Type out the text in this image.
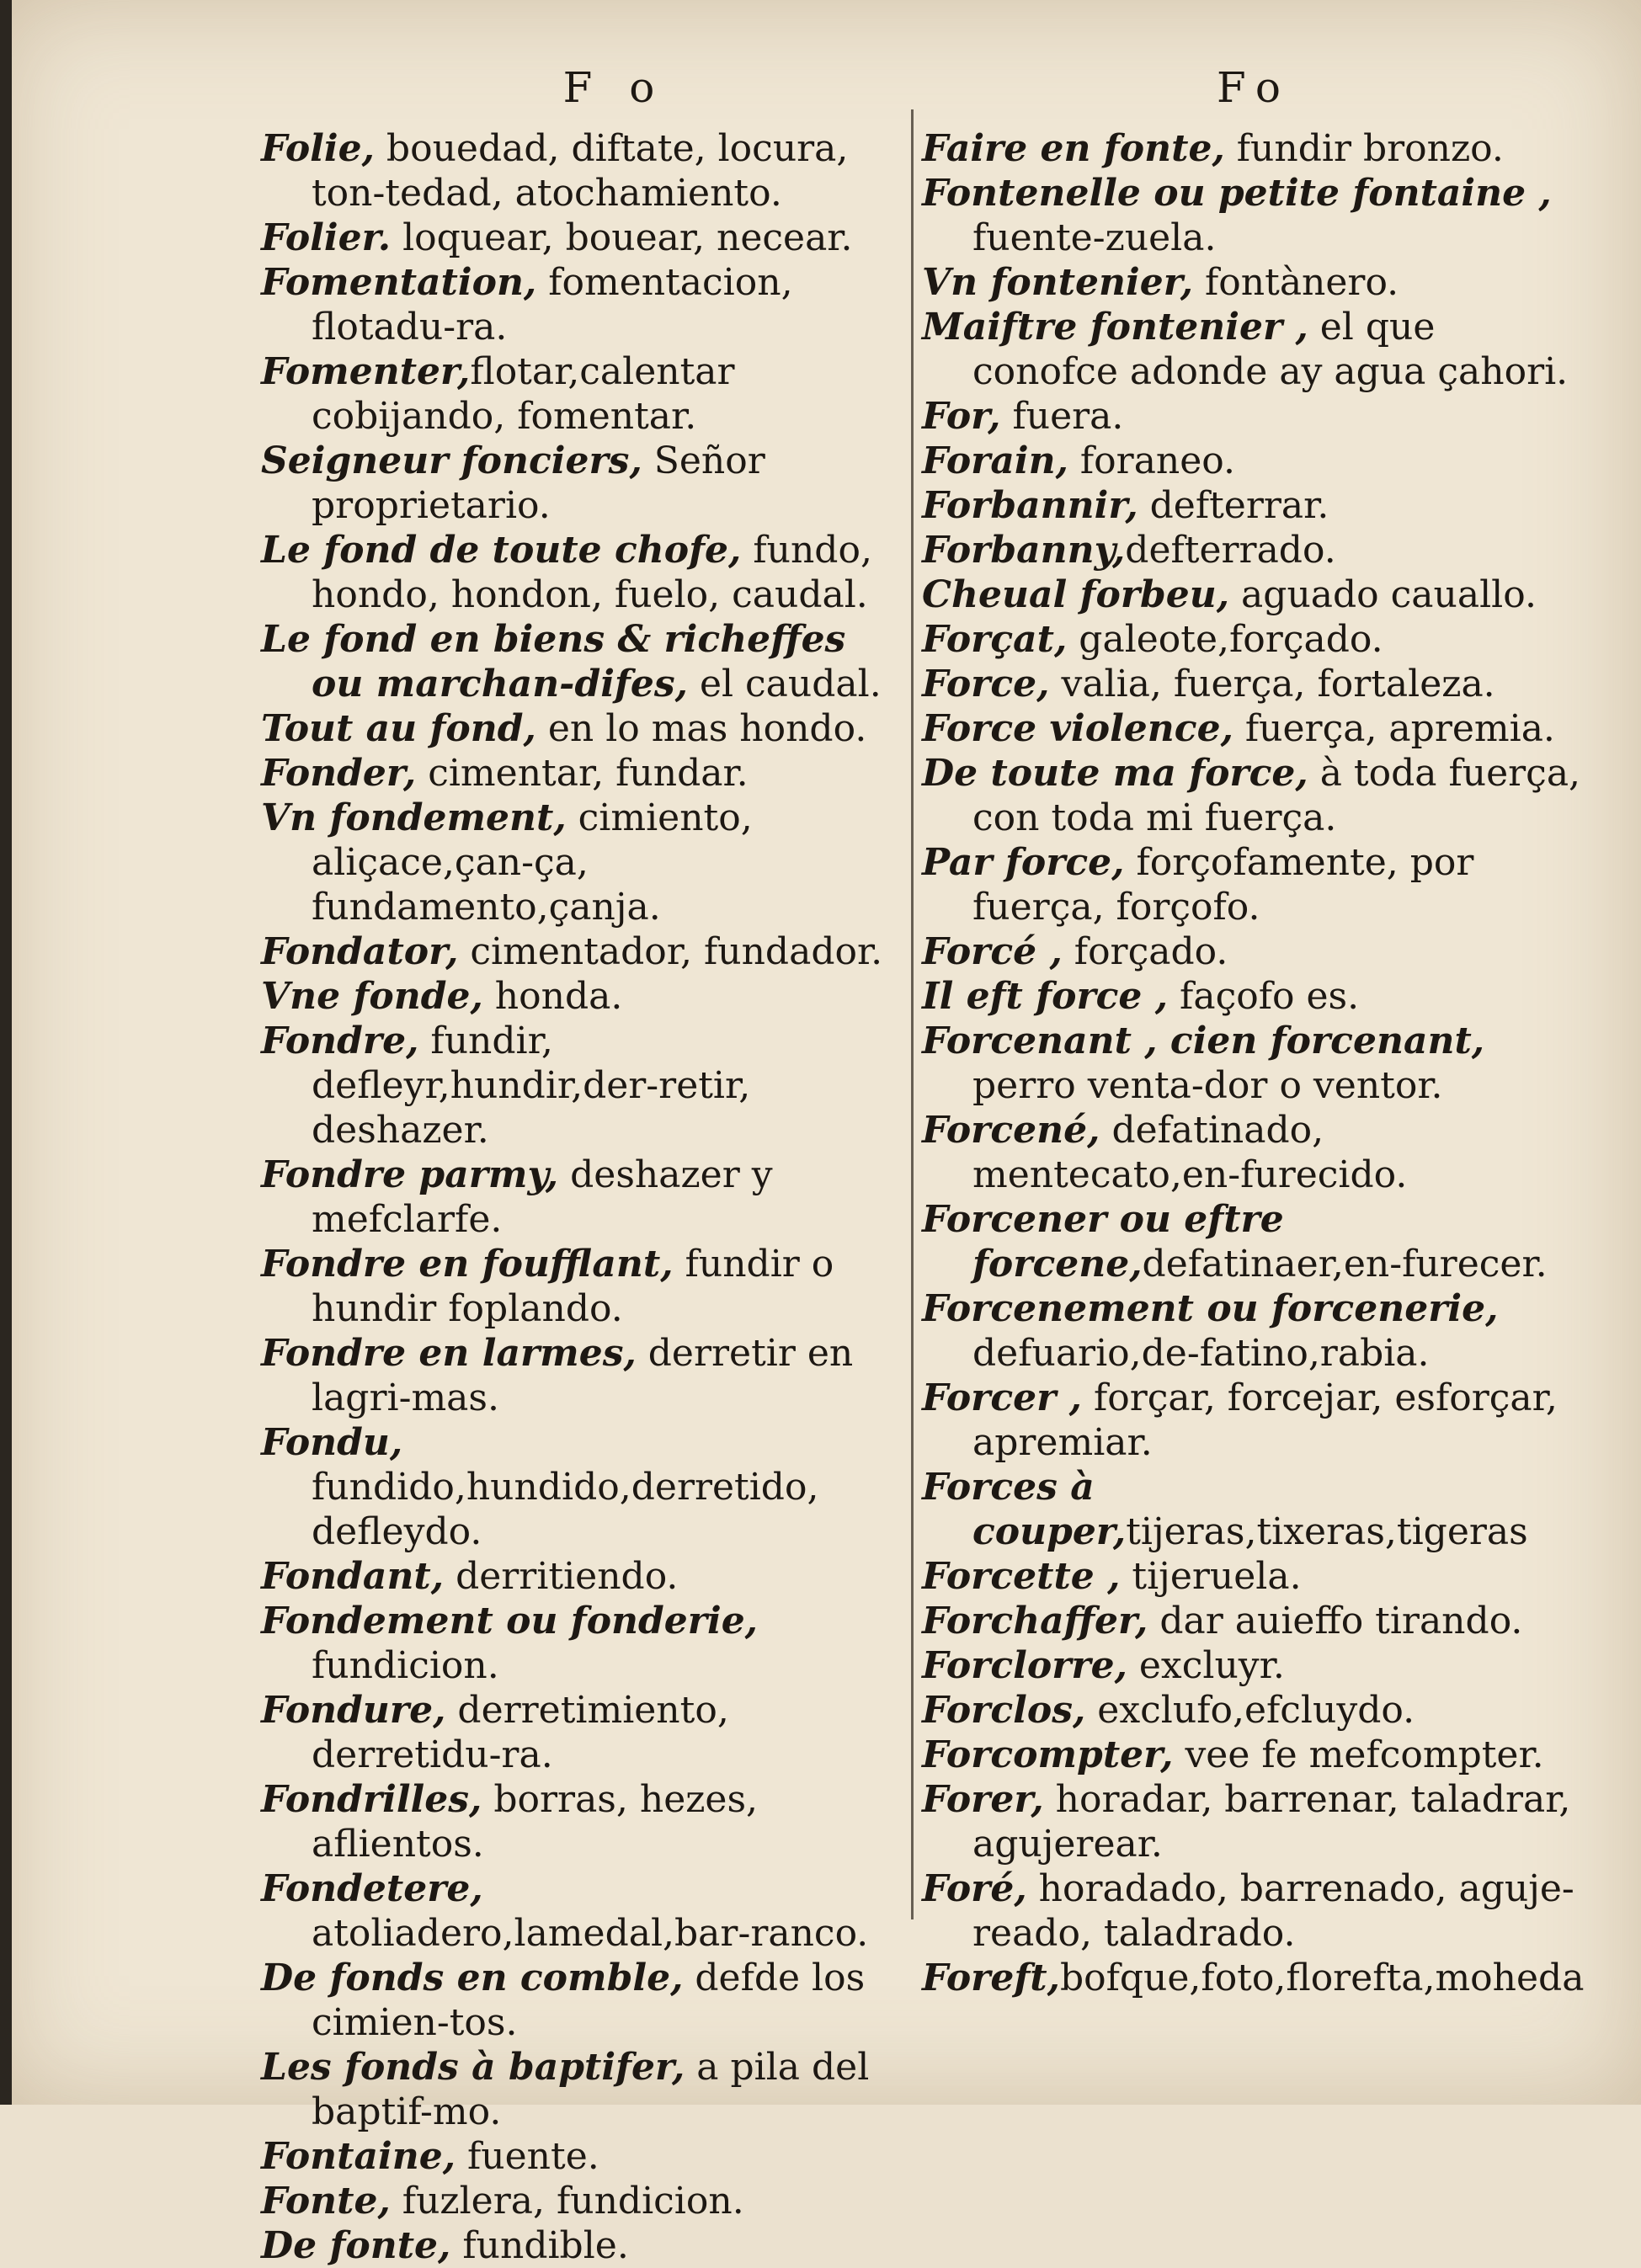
F o
Folie, bouedad, diftate, locura, ton-tedad, atochamiento.
Folier. loquear, bouear, necear.
Fomentation, fomentacion, flotadu-ra.
Fomenter,flotar,calentar cobijando, fomentar.
Seigneur fonciers, Señor proprietario.
Le fond de toute chofe, fundo, hondo, hondon, fuelo, caudal.
Le fond en biens & richeffes ou marchan-difes, el caudal.
Tout au fond, en lo mas hondo.
Fonder, cimentar, fundar.
Vn fondement, cimiento, aliçace,çan-ça, fundamento,çanja.
Fondator, cimentador, fundador.
Vne fonde, honda.
Fondre, fundir, defleyr,hundir,der-retir, deshazer.
Fondre parmy, deshazer y mefclarfe.
Fondre en foufflant, fundir o hundir foplando.
Fondre en larmes, derretir en lagri-mas.
Fondu, fundido,hundido,derretido, defleydo.
Fondant, derritiendo.
Fondement ou fonderie, fundicion.
Fondure, derretimiento, derretidu-ra.
Fondrilles, borras, hezes, aflientos.
Fondetere, atoliadero,lamedal,bar-ranco.
De fonds en comble, defde los cimien-tos.
Les fonds à baptifer, a pila del baptif-mo.
Fontaine, fuente.
Fonte, fuzlera, fundicion.
De fonte, fundible.
Fo
Faire en fonte, fundir bronzo.
Fontenelle ou petite fontaine , fuente-zuela.
Vn fontenier, fontànero.
Maiftre fontenier , el que conofce adonde ay agua çahori.
For, fuera.
Forain, foraneo.
Forbannir, defterrar.
Forbanny,defterrado.
Cheual forbeu, aguado cauallo.
Forçat, galeote,forçado.
Force, valia, fuerça, fortaleza.
Force violence, fuerça, apremia.
De toute ma force, à toda fuerça, con toda mi fuerça.
Par force, forçofamente, por fuerça, forçofo.
Forcé , forçado.
Il eft force , façofo es.
Forcenant , cien forcenant, perro venta-dor o ventor.
Forcené, defatinado, mentecato,en-furecido.
Forcener ou eftre forcene,defatinaer,en-furecer.
Forcenement ou forcenerie, defuario,de-fatino,rabia.
Forcer , forçar, forcejar, esforçar, apremiar.
Forces à couper,tijeras,tixeras,tigeras
Forcette , tijeruela.
Forchaffer, dar auieffo tirando.
Forclorre, excluyr.
Forclos, exclufo,efcluydo.
Forcompter, vee fe mefcompter.
Forer, horadar, barrenar, taladrar, agujerear.
Foré, horadado, barrenado, aguje-reado, taladrado.
Foreft,bofque,foto,florefta,moheda
